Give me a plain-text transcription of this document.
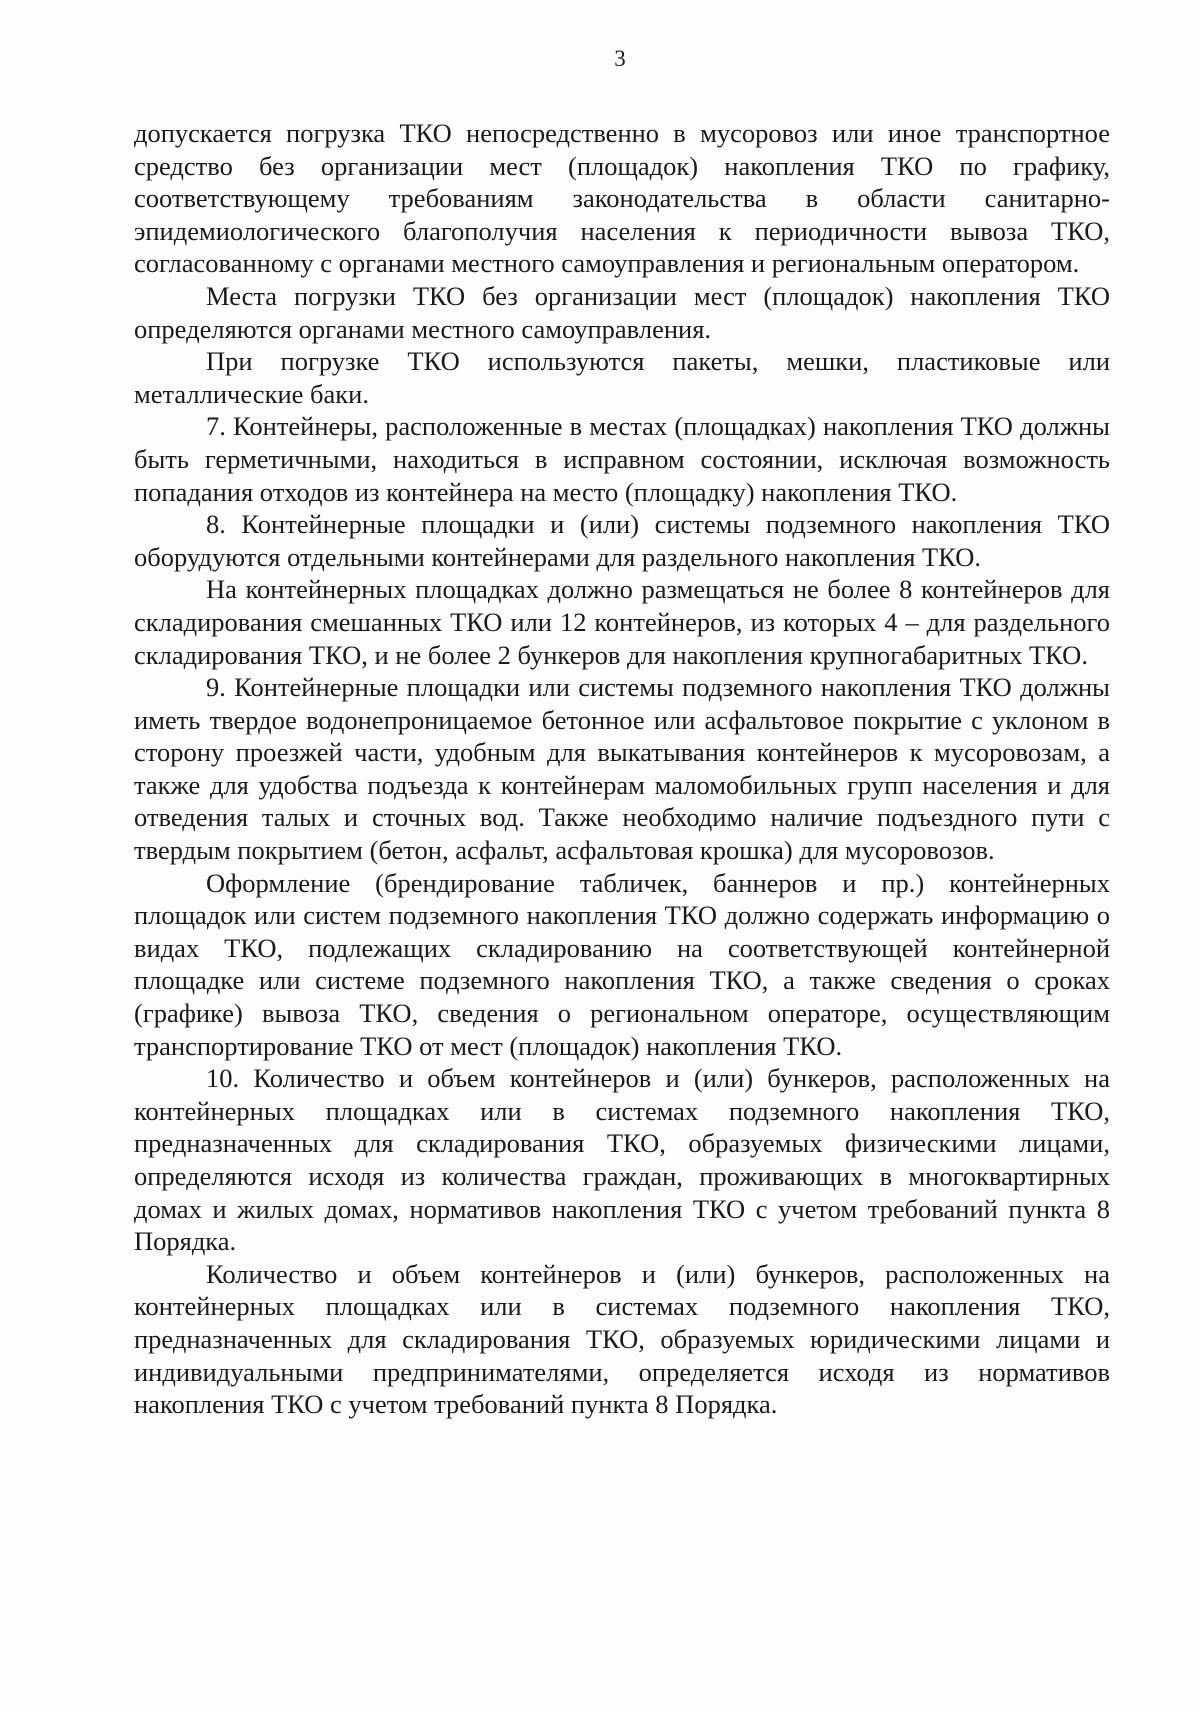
3

допускается погрузка ТКО непосредственно в мусоровоз или иное транспортное средство без организации мест (площадок) накопления ТКО по графику, соответствующему требованиям законодательства в области санитарно-эпидемиологического благополучия населения к периодичности вывоза ТКО, согласованному с органами местного самоуправления и региональным оператором.

Места погрузки ТКО без организации мест (площадок) накопления ТКО определяются органами местного самоуправления.

При погрузке ТКО используются пакеты, мешки, пластиковые или металлические баки.

7. Контейнеры, расположенные в местах (площадках) накопления ТКО должны быть герметичными, находиться в исправном состоянии, исключая возможность попадания отходов из контейнера на место (площадку) накопления ТКО.

8. Контейнерные площадки и (или) системы подземного накопления ТКО оборудуются отдельными контейнерами для раздельного накопления ТКО.

На контейнерных площадках должно размещаться не более 8 контейнеров для складирования смешанных ТКО или 12 контейнеров, из которых 4 – для раздельного складирования ТКО, и не более 2 бункеров для накопления крупногабаритных ТКО.

9. Контейнерные площадки или системы подземного накопления ТКО должны иметь твердое водонепроницаемое бетонное или асфальтовое покрытие с уклоном в сторону проезжей части, удобным для выкатывания контейнеров к мусоровозам, а также для удобства подъезда к контейнерам маломобильных групп населения и для отведения талых и сточных вод. Также необходимо наличие подъездного пути с твердым покрытием (бетон, асфальт, асфальтовая крошка) для мусоровозов.

Оформление (брендирование табличек, баннеров и пр.) контейнерных площадок или систем подземного накопления ТКО должно содержать информацию о видах ТКО, подлежащих складированию на соответствующей контейнерной площадке или системе подземного накопления ТКО, а также сведения о сроках (графике) вывоза ТКО, сведения о региональном операторе, осуществляющим транспортирование ТКО от мест (площадок) накопления ТКО.

10. Количество и объем контейнеров и (или) бункеров, расположенных на контейнерных площадках или в системах подземного накопления ТКО, предназначенных для складирования ТКО, образуемых физическими лицами, определяются исходя из количества граждан, проживающих в многоквартирных домах и жилых домах, нормативов накопления ТКО с учетом требований пункта 8 Порядка.

Количество и объем контейнеров и (или) бункеров, расположенных на контейнерных площадках или в системах подземного накопления ТКО, предназначенных для складирования ТКО, образуемых юридическими лицами и индивидуальными предпринимателями, определяется исходя из нормативов накопления ТКО с учетом требований пункта 8 Порядка.
